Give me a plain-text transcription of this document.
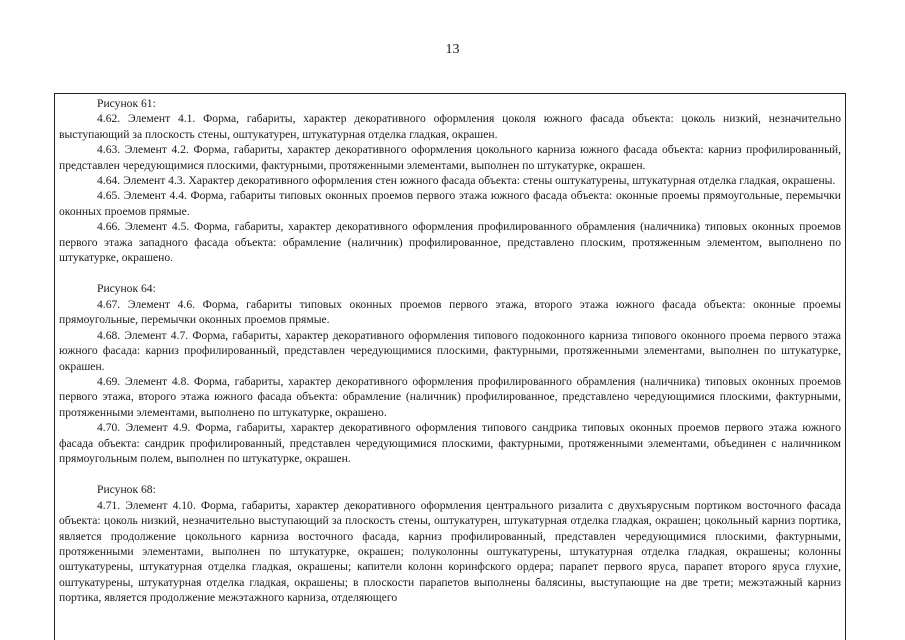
13

Рисунок 61:

4.62. Элемент 4.1. Форма, габариты, характер декоративного оформления цоколя южного фасада объекта: цоколь низкий, незначительно выступающий за плоскость стены, оштукатурен, штукатурная отделка гладкая, окрашен.

4.63. Элемент 4.2. Форма, габариты, характер декоративного оформления цокольного карниза южного фасада объекта: карниз профилированный, представлен чередующимися плоскими, фактурными, протяженными элементами, выполнен по штукатурке, окрашен.

4.64. Элемент 4.3. Характер декоративного оформления стен южного фасада объекта: стены оштукатурены, штукатурная отделка гладкая, окрашены.

4.65. Элемент 4.4. Форма, габариты типовых оконных проемов первого этажа южного фасада объекта: оконные проемы прямоугольные, перемычки оконных проемов прямые.

4.66. Элемент 4.5. Форма, габариты, характер декоративного оформления профилированного обрамления (наличника) типовых оконных проемов первого этажа западного фасада объекта: обрамление (наличник) профилированное, представлено плоским, протяженным элементом, выполнено по штукатурке, окрашено.

Рисунок 64:

4.67. Элемент 4.6. Форма, габариты типовых оконных проемов первого этажа, второго этажа южного фасада объекта: оконные проемы прямоугольные, перемычки оконных проемов прямые.

4.68. Элемент 4.7. Форма, габариты, характер декоративного оформления типового подоконного карниза типового оконного проема первого этажа южного фасада: карниз профилированный, представлен чередующимися плоскими, фактурными, протяженными элементами, выполнен по штукатурке, окрашен.

4.69. Элемент 4.8. Форма, габариты, характер декоративного оформления профилированного обрамления (наличника) типовых оконных проемов первого этажа, второго этажа южного фасада объекта: обрамление (наличник) профилированное, представлено чередующимися плоскими, фактурными, протяженными элементами, выполнено по штукатурке, окрашено.

4.70. Элемент 4.9. Форма, габариты, характер декоративного оформления типового сандрика типовых оконных проемов первого этажа южного фасада объекта: сандрик профилированный, представлен чередующимися плоскими, фактурными, протяженными элементами, объединен с наличником прямоугольным полем, выполнен по штукатурке, окрашен.

Рисунок 68:

4.71. Элемент 4.10. Форма, габариты, характер декоративного оформления центрального ризалита с двухъярусным портиком восточного фасада объекта: цоколь низкий, незначительно выступающий за плоскость стены, оштукатурен, штукатурная отделка гладкая, окрашен; цокольный карниз портика, является продолжение цокольного карниза восточного фасада, карниз профилированный, представлен чередующимися плоскими, фактурными, протяженными элементами, выполнен по штукатурке, окрашен; полуколонны оштукатурены, штукатурная отделка гладкая, окрашены; колонны оштукатурены, штукатурная отделка гладкая, окрашены; капители колонн коринфского ордера; парапет первого яруса, парапет второго яруса глухие, оштукатурены, штукатурная отделка гладкая, окрашены; в плоскости парапетов выполнены балясины, выступающие на две трети; межэтажный карниз портика, является продолжение межэтажного карниза, отделяющего
